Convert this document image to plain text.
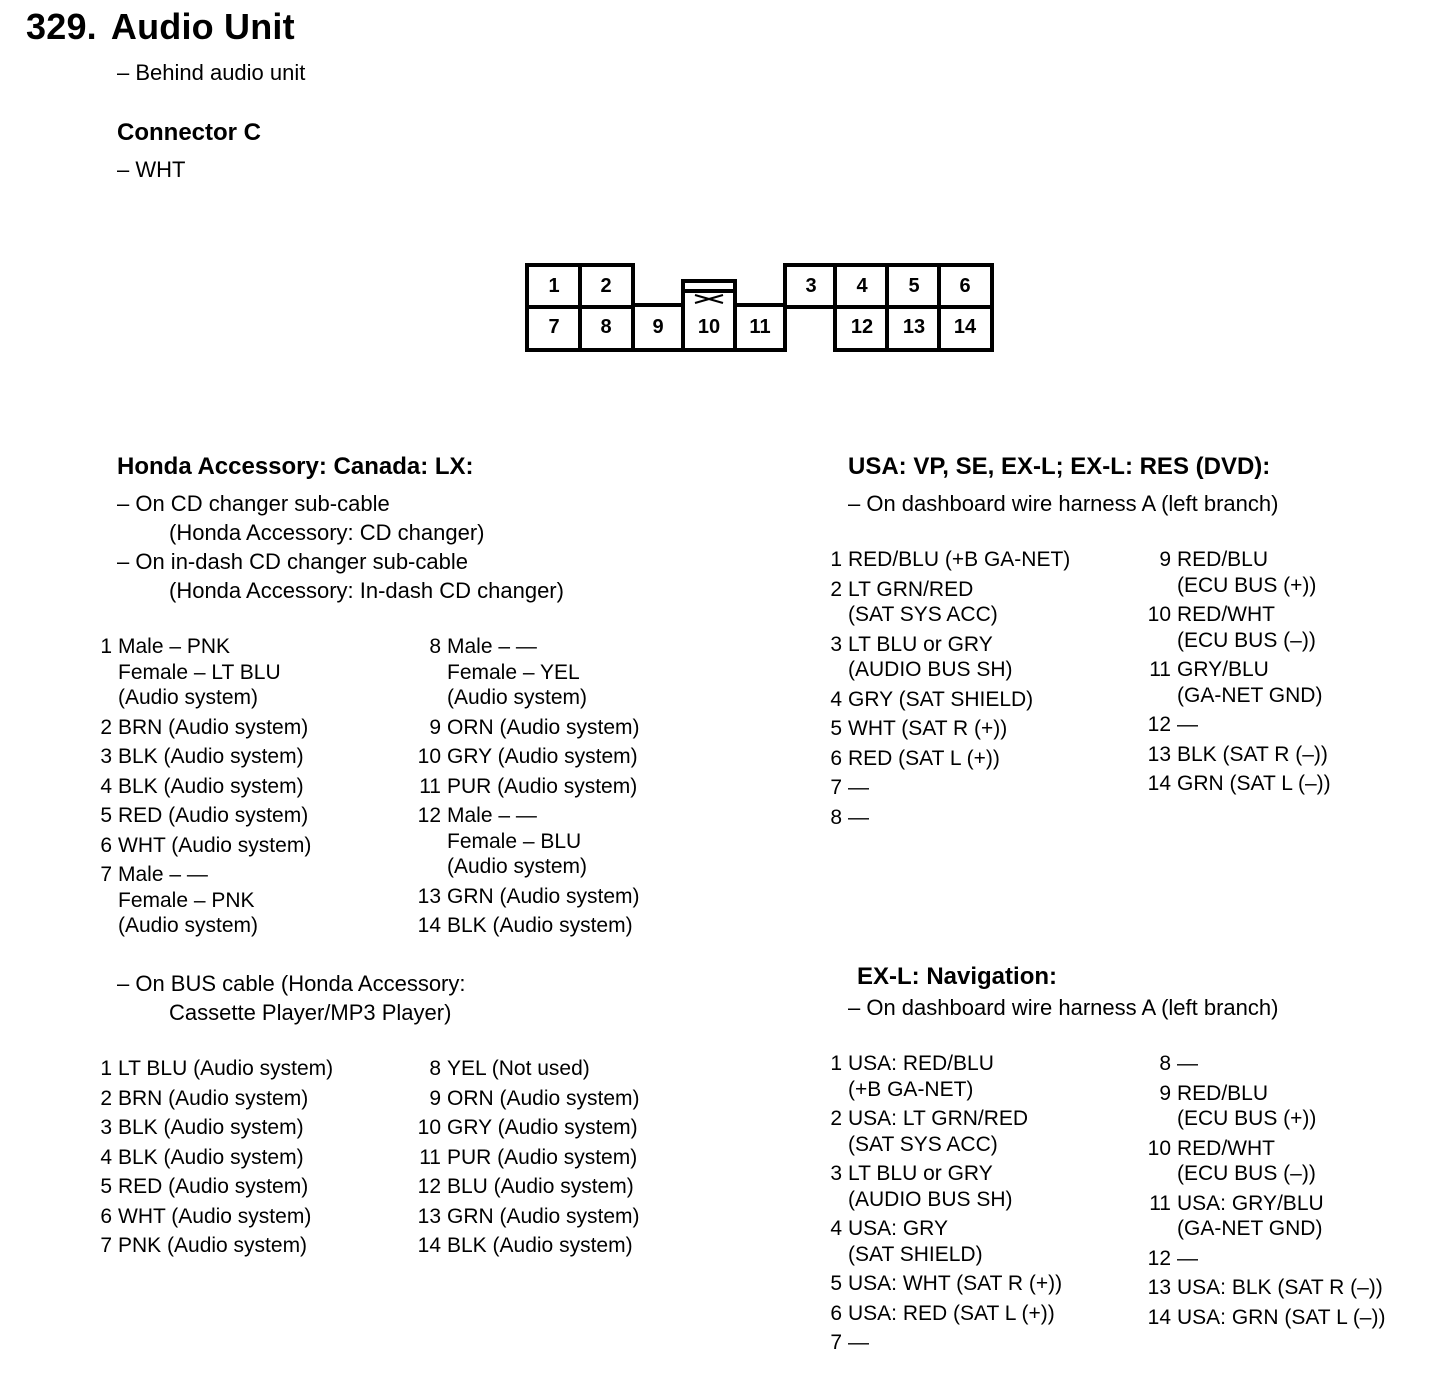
329. Audio Unit
– Behind audio unit
Connector C
– WHT
1 2	3 4 5 6
7 8 9 10 11	12 13 14
Honda Accessory: Canada: LX:
– On CD changer sub-cable
(Honda Accessory: CD changer)
– On in-dash CD changer sub-cable
(Honda Accessory: In-dash CD changer)
1 Male – PNK
Female – LT BLU
(Audio system)
2 BRN (Audio system)
3 BLK (Audio system)
4 BLK (Audio system)
5 RED (Audio system)
6 WHT (Audio system)
7 Male – —
Female – PNK
(Audio system)
8 Male – —
Female – YEL
(Audio system)
9 ORN (Audio system)
10 GRY (Audio system)
11 PUR (Audio system)
12 Male – —
Female – BLU
(Audio system)
13 GRN (Audio system)
14 BLK (Audio system)
– On BUS cable (Honda Accessory:
Cassette Player/MP3 Player)
1 LT BLU (Audio system)
2 BRN (Audio system)
3 BLK (Audio system)
4 BLK (Audio system)
5 RED (Audio system)
6 WHT (Audio system)
7 PNK (Audio system)
8 YEL (Not used)
9 ORN (Audio system)
10 GRY (Audio system)
11 PUR (Audio system)
12 BLU (Audio system)
13 GRN (Audio system)
14 BLK (Audio system)
USA: VP, SE, EX-L; EX-L: RES (DVD):
– On dashboard wire harness A (left branch)
1 RED/BLU (+B GA-NET)
2 LT GRN/RED
(SAT SYS ACC)
3 LT BLU or GRY
(AUDIO BUS SH)
4 GRY (SAT SHIELD)
5 WHT (SAT R (+))
6 RED (SAT L (+))
7 —
8 —
9 RED/BLU
(ECU BUS (+))
10 RED/WHT
(ECU BUS (–))
11 GRY/BLU
(GA-NET GND)
12 —
13 BLK (SAT R (–))
14 GRN (SAT L (–))
EX-L: Navigation:
– On dashboard wire harness A (left branch)
1 USA: RED/BLU
(+B GA-NET)
2 USA: LT GRN/RED
(SAT SYS ACC)
3 LT BLU or GRY
(AUDIO BUS SH)
4 USA: GRY
(SAT SHIELD)
5 USA: WHT (SAT R (+))
6 USA: RED (SAT L (+))
7 —
8 —
9 RED/BLU
(ECU BUS (+))
10 RED/WHT
(ECU BUS (–))
11 USA: GRY/BLU
(GA-NET GND)
12 —
13 USA: BLK (SAT R (–))
14 USA: GRN (SAT L (–))
